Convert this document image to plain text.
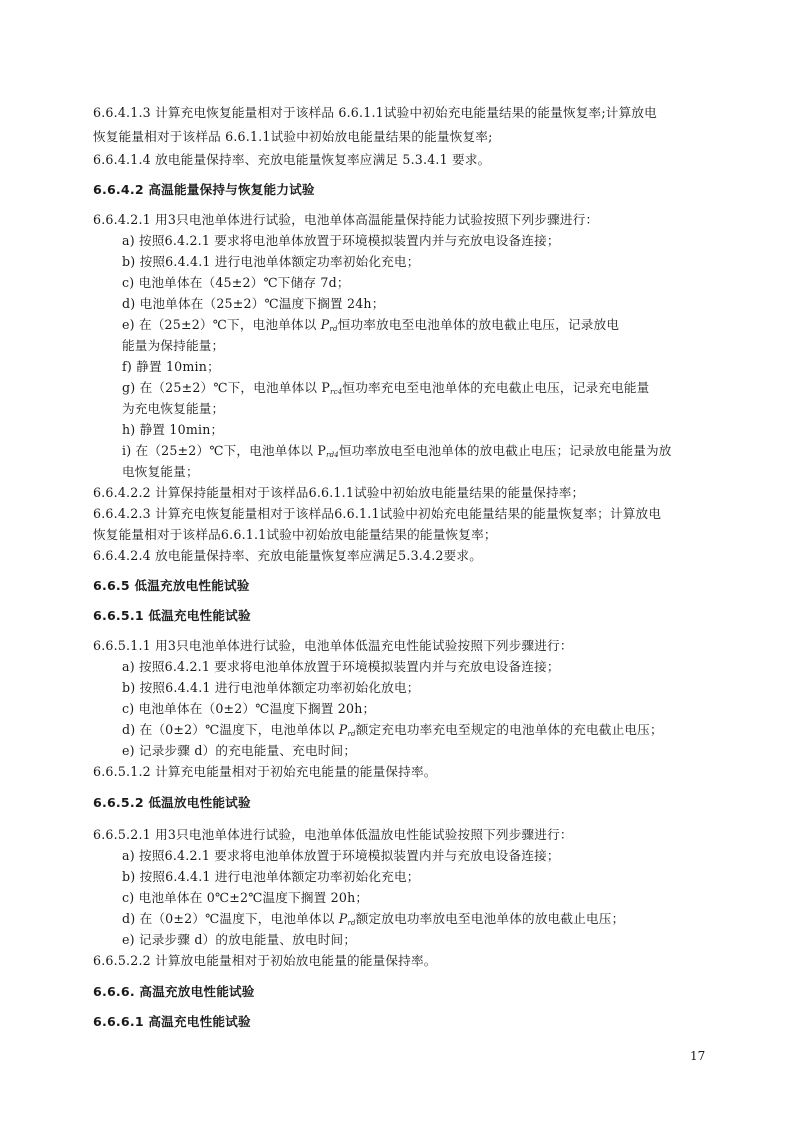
6.6.4.1.3 计算充电恢复能量相对于该样品 6.6.1.1试验中初始充电能量结果的能量恢复率;计算放电
恢复能量相对于该样品 6.6.1.1试验中初始放电能量结果的能量恢复率;
6.6.4.1.4 放电能量保持率、充放电能量恢复率应满足 5.3.4.1 要求。
6.6.4.2 高温能量保持与恢复能力试验
6.6.4.2.1 用3只电池单体进行试验，电池单体高温能量保持能力试验按照下列步骤进行：
a) 按照6.4.2.1 要求将电池单体放置于环境模拟装置内并与充放电设备连接；
b) 按照6.4.4.1 进行电池单体额定功率初始化充电；
c) 电池单体在（45±2）℃下储存 7d；
d) 电池单体在（25±2）℃温度下搁置 24h；
e) 在（25±2）℃下，电池单体以 $P_{rd}$恒功率放电至电池单体的放电截止电压，记录放电
能量为保持能量；
f) 静置 10min；
g) 在（25±2）℃下，电池单体以 $P_{rc4}$恒功率充电至电池单体的充电截止电压，记录充电能量
为充电恢复能量；
h) 静置 10min；
i) 在（25±2）℃下，电池单体以 $P_{rd4}$恒功率放电至电池单体的放电截止电压；记录放电能量为放
电恢复能量；
6.6.4.2.2 计算保持能量相对于该样品6.6.1.1试验中初始放电能量结果的能量保持率；
6.6.4.2.3 计算充电恢复能量相对于该样品6.6.1.1试验中初始充电能量结果的能量恢复率；计算放电
恢复能量相对于该样品6.6.1.1试验中初始放电能量结果的能量恢复率；
6.6.4.2.4 放电能量保持率、充放电能量恢复率应满足5.3.4.2要求。
6.6.5 低温充放电性能试验
6.6.5.1 低温充电性能试验
6.6.5.1.1 用3只电池单体进行试验，电池单体低温充电性能试验按照下列步骤进行：
a) 按照6.4.2.1 要求将电池单体放置于环境模拟装置内并与充放电设备连接；
b) 按照6.4.4.1 进行电池单体额定功率初始化放电；
c) 电池单体在（0±2）℃温度下搁置 20h；
d) 在（0±2）℃温度下，电池单体以 $P_{rd}$额定充电功率充电至规定的电池单体的充电截止电压；
e) 记录步骤 d）的充电能量、充电时间；
6.6.5.1.2 计算充电能量相对于初始充电能量的能量保持率。
6.6.5.2 低温放电性能试验
6.6.5.2.1 用3只电池单体进行试验，电池单体低温放电性能试验按照下列步骤进行：
a) 按照6.4.2.1 要求将电池单体放置于环境模拟装置内并与充放电设备连接；
b) 按照6.4.4.1 进行电池单体额定功率初始化充电；
c) 电池单体在 0℃±2℃温度下搁置 20h；
d) 在（0±2）℃温度下，电池单体以 $P_{rd}$额定放电功率放电至电池单体的放电截止电压；
e) 记录步骤 d）的放电能量、放电时间；
6.6.5.2.2 计算放电能量相对于初始放电能量的能量保持率。
6.6.6. 高温充放电性能试验
6.6.6.1 高温充电性能试验
17
